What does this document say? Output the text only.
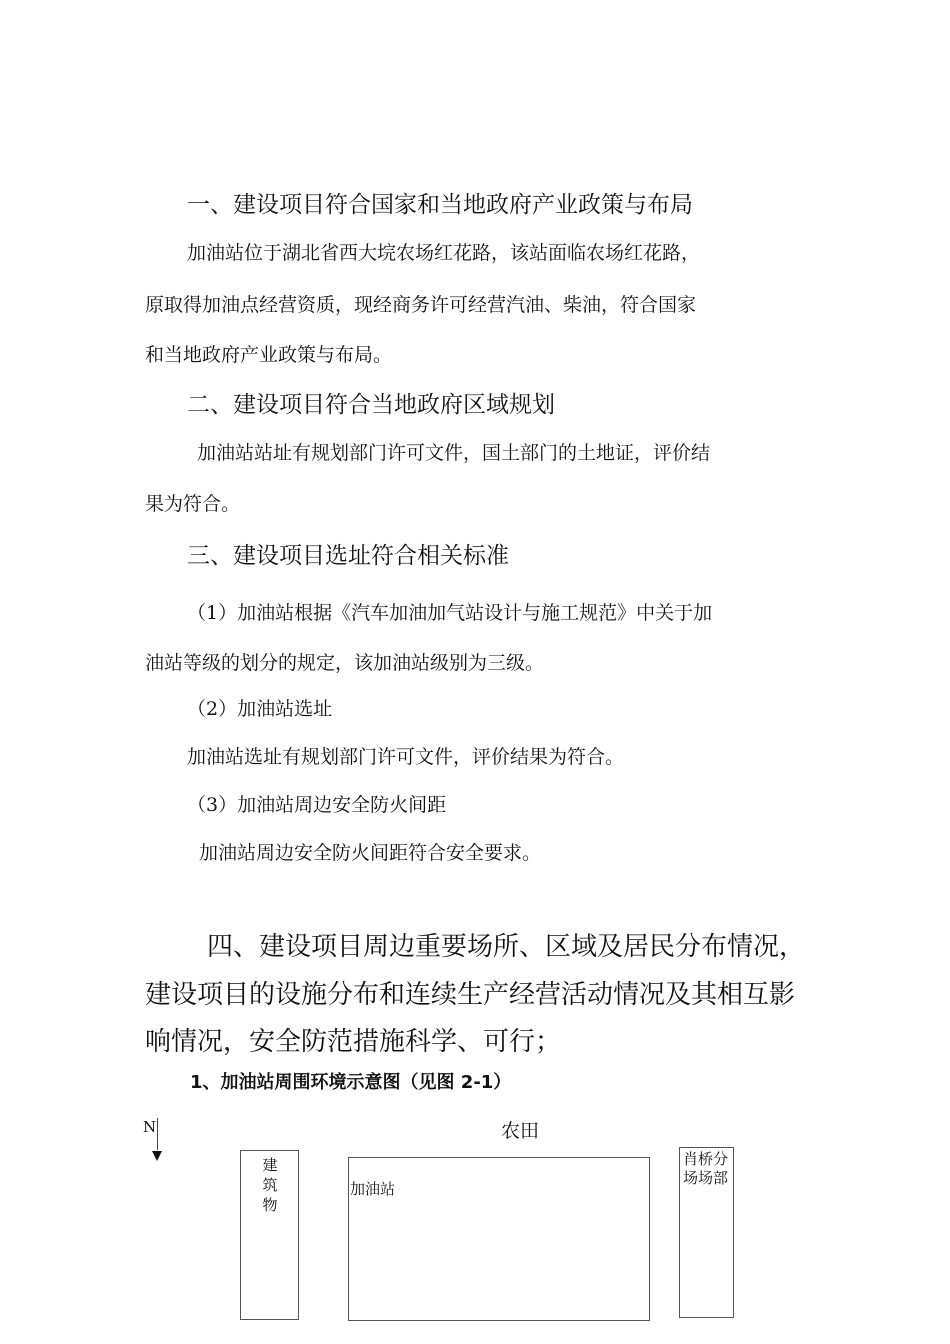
一、建设项目符合国家和当地政府产业政策与布局
加油站位于湖北省西大垸农场红花路，该站面临农场红花路，
原取得加油点经营资质，现经商务许可经营汽油、柴油，符合国家
和当地政府产业政策与布局。
二、建设项目符合当地政府区域规划
加油站站址有规划部门许可文件，国土部门的土地证，评价结
果为符合。
三、建设项目选址符合相关标准
（1）加油站根据《汽车加油加气站设计与施工规范》中关于加
油站等级的划分的规定，该加油站级别为三级。
（2）加油站选址
加油站选址有规划部门许可文件，评价结果为符合。
（3）加油站周边安全防火间距
加油站周边安全防火间距符合安全要求。
四、建设项目周边重要场所、区域及居民分布情况，
建设项目的设施分布和连续生产经营活动情况及其相互影
响情况，安全防范措施科学、可行；
1、加油站周围环境示意图（见图 2-1）
N	农田
建筑物
加油站
肖桥分场场部
